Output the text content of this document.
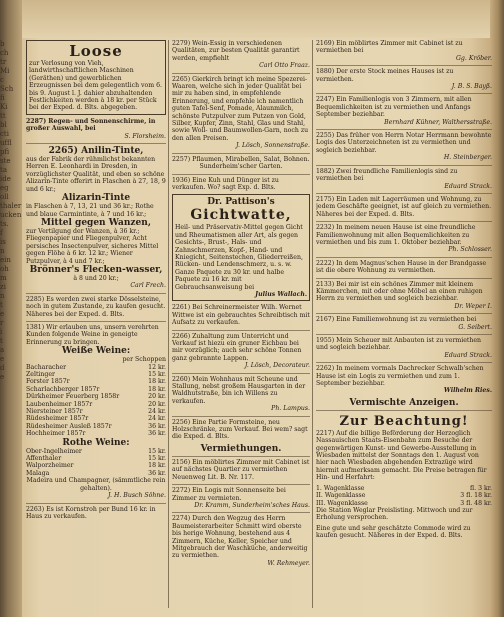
b
ch
tr
Mi
c
Sch
fi
Ki
tt
bl
cti
uffl
pfi
ste
ta
ide
eg
oll
thaler
ucken
ts.
f
is
n
ein
oh
m
zi
n
t
e
r
i
t
a
e
d
e
Loose
zur Verlosung von Vieh, landwirthschaftlichen Maschinen (Geräthen) und gewerblichen Erzeugnissen bei dem gelegentlich vom 6. bis 9. August l. J. dahier abzuhaltenden Festlichkeiten werden à 18 kr. per Stück bei der Exped. d. Blts. abgegeben.
2287) Regen- und Sonnenschirme, in großer Auswahl, bei
S. Florsheim.
2265) Anilin-Tinte,
aus der Fabrik der rühmlichst bekannten Herren E. Leonhardi in Dresden, in vorzüglichster Qualität, und eben so schöne Alizarin-Tinte offerirt in Flaschen à 27, 18, 9 und 6 kr.;
Alizarin-Tinte
in Flaschen à 7, 13, 21 und 36 kr.; Rothe und blaue Carmintinte, à 7 und 16 kr.;
Mittel gegen Wanzen,
zur Vertilgung der Wanzen, à 36 kr.; Fliegenpapier und Fliegenpulver, Acht persisches Insectenpulver, sicheres Mittel gegen Flöhe à 6 kr. 12 kr.; Wiener Putzpulver, à 4 und 7 kr.;
Brönner's Flecken-wasser,
à 8 und 20 kr.;
Carl Frech.
2285) Es werden zwei starke Dösselsteine, noch in gutem Zustande, zu kaufen gesucht. Näheres bei der Exped. d. Blts.
1381) Wir erlauben uns, unsern verehrten Kunden folgende Weine in geneigte Erinnerung zu bringen.
Weiße Weine:
per Schoppen
Bacharacher	12 kr.
Zeltinger	15 kr.
Forster 1857r	18 kr.
Scharlachberger 1857r	18 kr.
Dürkheimer Feuerberg 1858r	20 kr.
Laubenheimer 1857r	20 kr.
Niersteiner 1857r	24 kr.
Rüdesheimer 1857r	24 kr.
Rüdesheimer Ausleß 1857r	36 kr.
Hochheimer 1857r	36 kr.
Rothe Weine:
Ober-Ingelheimer	15 kr.
Affenthaler	15 kr.
Walporzheimer	18 kr.
Malaga	36 kr.
Madeira und Champagner, (sämmtliche rein gehalten).
J. H. Busch Söhne.
2263) Es ist Kornstroh per Bund 16 kr. in Haus zu verkaufen.
2279) Wein-Essig in verschiedenen Qualitäten, zur besten Qualität garantirt werden, empfiehlt
Carl Otto Fraaz.
2265) Gierkirch bringt ich meine Spezerei-Waaren, welche sich in jeder Qualität bei mir zu haben sind, in empfehlende Erinnerung, und empfehle ich namentlich guten Tafel-Senf, Pomade, Alaunmilch, schönste Putzpulver zum Putzen von Gold, Silber, Kupfer, Zinn, Stahl, Glas und Stahl, sowie Woll- und Baumwollen-Garn, noch zu den allen Preisen.
J. Lösch, Sonnenstraße.
2257) Pflaumen, Mirabellen, Salat, Bohnen.
Sunderheim'scher Garten.
1936) Eine Kuh und Dünger ist zu verkaufen. Wo? sagt Exp. d. Blts.
Dr. Pattison's
Gichtwatte,
Heil- und Präservativ-Mittel gegen Gicht und Rheumatismen aller Art, als gegen Gesichts-, Brust-, Hals- und Zahnschmerzen, Kopf-, Hand- und Kniegicht, Seitenstechen, Gliederreißen, Rücken- und Lendenschmerz, u. s. w.
Ganze Paquete zu 30 kr. und halbe Paquete zu 16 kr. mit Gebrauchsanweisung bei
Julius Wallach.
2261) Bei Schreinermeister Wilh. Wernet Wittwe ist ein gebrauchtes Schreibtisch mit Aufsatz zu verkaufen.
2266) Zuhaltung zum Unterricht und Verkauf ist hiezu ein gruner Eichbau bei mir vorzüglich; auch sehr schöne Tonnen ganz gebrannte Lappen.
J. Lösch, Decorateur.
2260) Mein Wohnhaus mit Scheune und Stallung, nebst großem Hausgarten in der Waldhutstraße, bin ich Willens zu verkaufen.
Ph. Lampus.
2256) Eine Partie Formsteine, neu Holzschränke, zum Verkauf. Bei wem? sagt die Exped. d. Blts.
Vermiethungen.
2156) Ein möblirtes Zimmer mit Cabinet ist auf nächstes Quartier zu vermiethen Neuenweg Lit. B. Nr. 117.
2272) Ein Logis mit Sonnenseite bei Zimmer zu vermieten.
Dr. Kramm, Sunderheim'sches Haus.
2274) Durch den Wegzug des Herrn Baumeisterarbeiter Schmitt wird oberste bis herige Wohnung, bestehend aus 4 Zimmern, Küche, Keller, Speicher und Mitgebrauch der Waschküche, anderweitig zu vermiethen.
W. Rehmeyer.
2169) Ein möblirtes Zimmer mit Cabinet ist zu vermiethen bei
Gg. Kröber.
1880) Der erste Stock meines Hauses ist zu vermiethen.
J. B. S. Bayß.
2247) Ein Familienlogis von 3 Zimmern, mit allen Bequemlichkeiten ist zu vermiethen und Anfangs September beziehbar.
Bernhard Kühner, Walthersstraße.
2255) Das früher von Herrn Notar Herrmann bewohnte Logis des Unterzeichneten ist zu vermiethen und sogleich beziehbar.
H. Steinberger.
1882) Zwei freundliche Familienlogis sind zu vermiethen bei
Eduard Strack.
2175) Ein Laden mit Lagerräumen und Wohnung, zu jedem Geschäfte geeignet, ist auf gleich zu vermiethen. Näheres bei der Exped. d. Blts.
2232) In meinem neuen Hause ist eine freundliche Familienwohnung mit allen Bequemlichkeiten zu vermiethen und bis zum 1. Oktober beziehbar.
Ph. Schlosser.
2222) In dem Magnus'schen Hause in der Brandgasse ist die obere Wohnung zu vermiethen.
2133) Bei mir ist ein schönes Zimmer mit kleinem Kämmerchen, mit oder ohne Möbel an einen ruhigen Herrn zu vermiethen und sogleich beziehbar.
Dr. Weper I.
2167) Eine Familienwohnung ist zu vermiethen bei
G. Seibert.
1955) Mein Scheuer mit Anbauten ist zu vermiethen und sogleich beziehbar.
Eduard Strack.
2262) In meinem vormals Dachrecker Schwalb'schen Hause ist ein Logis zu vermiethen und zum 1. September beziehbar.
Wilhelm Ries.
Vermischte Anzeigen.
Zur Beachtung!
2217) Auf die billige Beförderung der Herzoglich Nassauischen Staats-Eisenbahn zum Besuche der gegenwärtigen Kunst- und Gewerbe-Ausstellung in Wiesbaden mittelst der Sonntags den 1. August von hier nach Wiesbaden abgehenden Extrazüge wird hiermit aufmerksam gemacht. Die Preise betragen für Hin- und Herfahrt:
1. Wagenklasse	fl. 3 kr.
II. Wagenklasse	3 fl. 18 kr.
III. Wagenklasse	3 fl. 48 kr.
Die Station Weglar Preislisting. Mittwoch und zur Erholung versprochen.
Eine gute und sehr geschätzte Commode wird zu kaufen gesucht. Näheres in der Exped. d. Blts.
